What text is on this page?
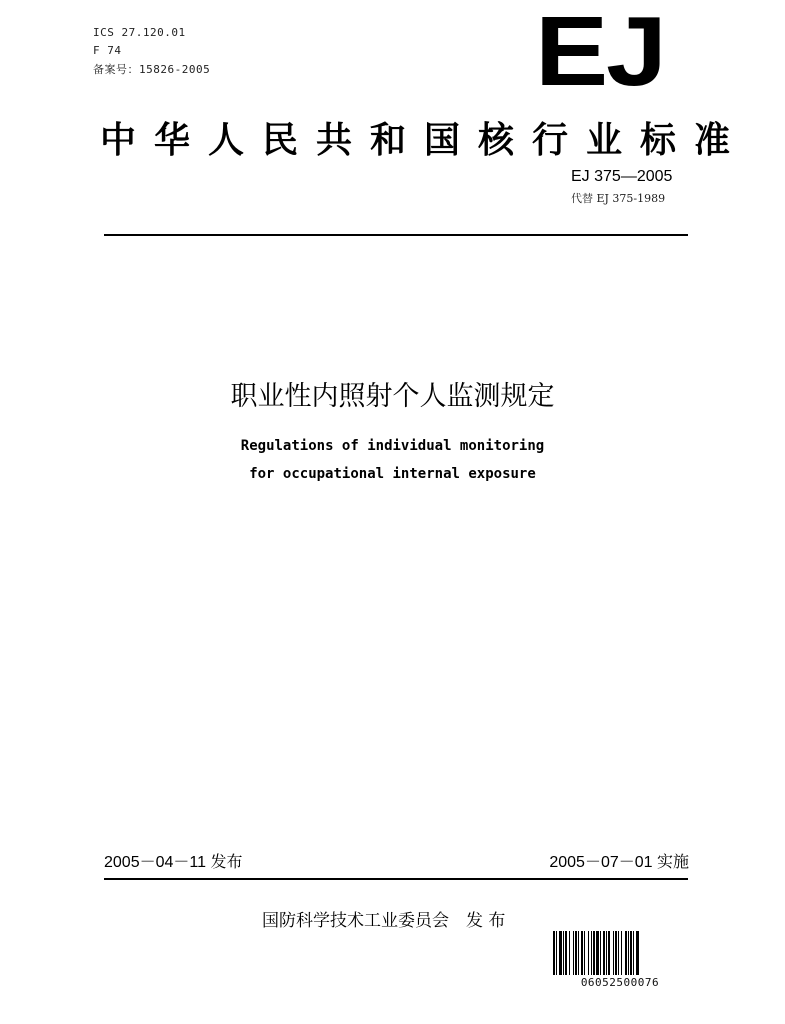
ICS 27.120.01
F 74
备案号：15826-2005	EJ
中华人民共和国核行业标准
EJ 375—2005
代替 EJ 375-1989
职业性内照射个人监测规定
Regulations of individual monitoring
for occupational internal exposure
2005－04－11 发布	2005－07－01 实施
国防科学技术工业委员会　发 布
06052500076
